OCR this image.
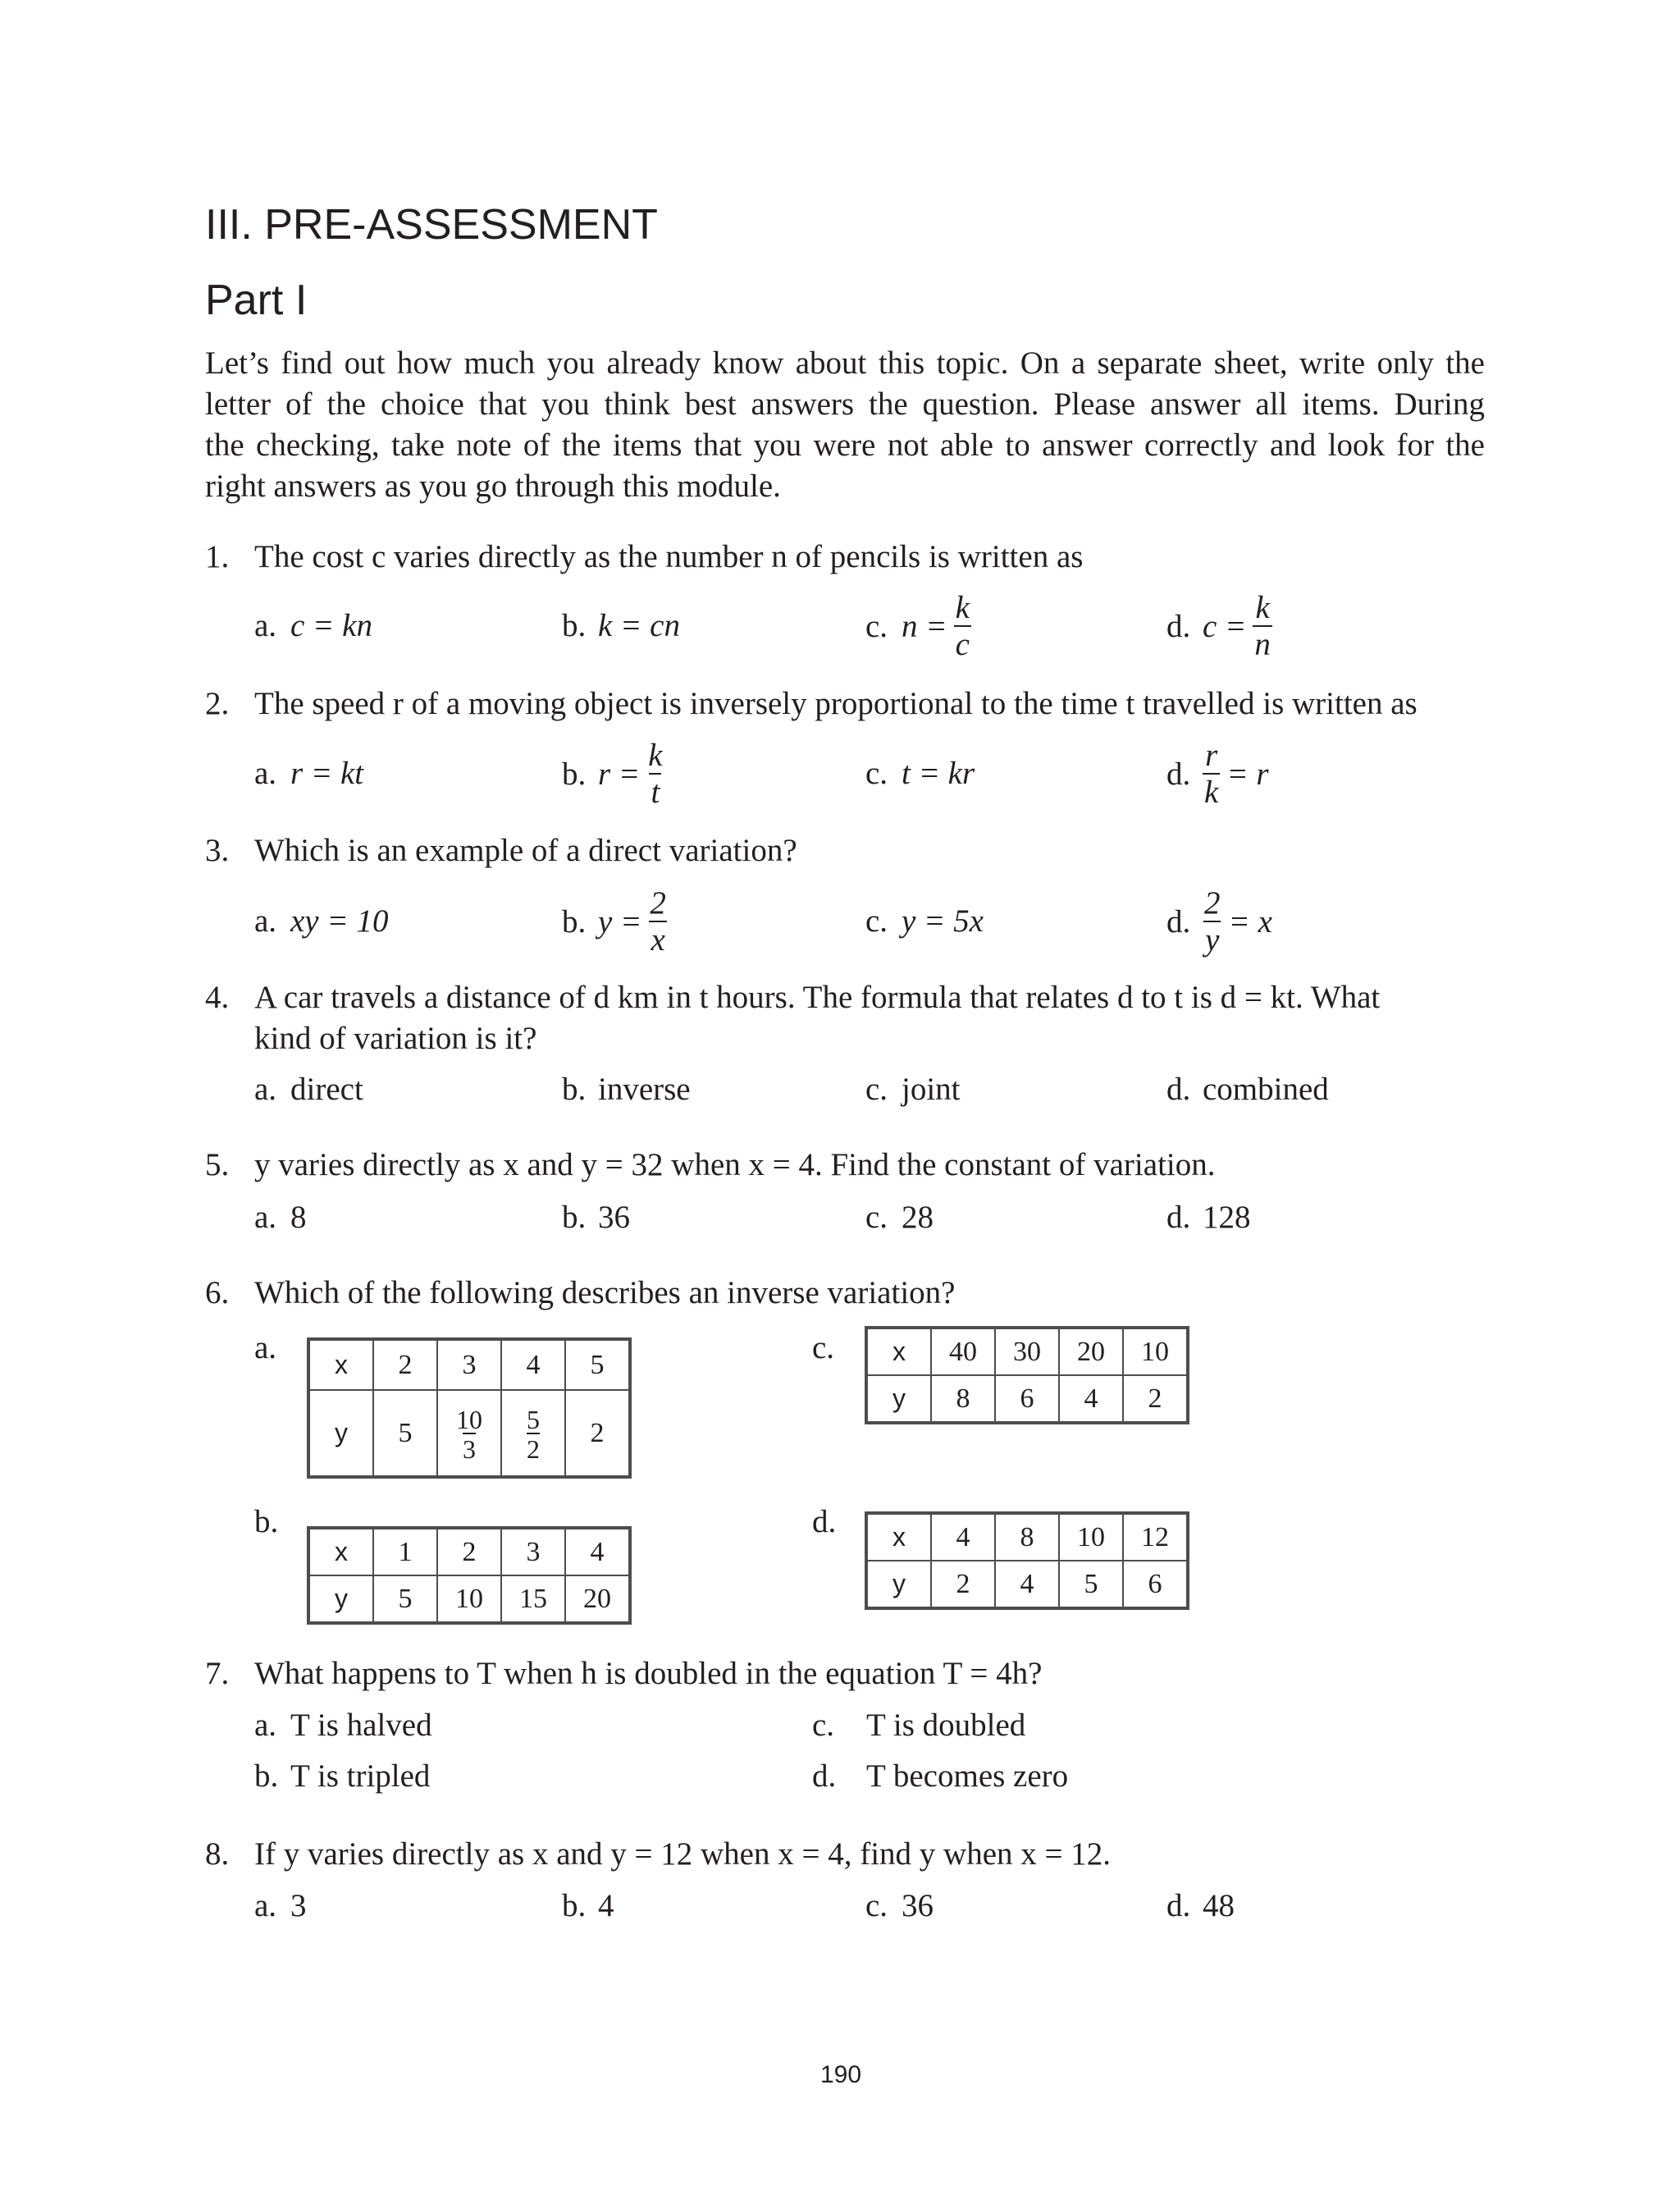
III. PRE-ASSESSMENT
Part I
Let’s find out how much you already know about this topic. On a separate sheet, write only the
letter of the choice that you think best answers the question. Please answer all items. During
the checking, take note of the items that you were not able to answer correctly and look for the
right answers as you go through this module.
1. The cost c varies directly as the number n of pencils is written as
a. c = kn	b. k = cn	c. $n = \frac{k}{c}$	d. $c = \frac{k}{n}$
2. The speed r of a moving object is inversely proportional to the time t travelled is written as
a. r = kt	b. $r = \frac{k}{t}$	c. t = kr	d. $\frac{r}{k} = r$
3. Which is an example of a direct variation?
a. xy = 10	b. $y = \frac{2}{x}$	c. y = 5x	d. $\frac{2}{y} = x$
4. A car travels a distance of d km in t hours. The formula that relates d to t is d = kt. What
kind of variation is it?
a. direct	b. inverse	c. joint	d. combined
5. y varies directly as x and y = 32 when x = 4. Find the constant of variation.
a. 8	b. 36	c. 28	d. 128
6. Which of the following describes an inverse variation?
a. x	2	3	4	5
y	5	$\frac{10}{3}$	$\frac{5}{2}$	2
c. x	40	30	20	10
y	8	6	4	2
b.
x	1	2	3	4
y	5	10	15	20
d. x	4	8	10	12
y	2	4	5	6
7. What happens to T when h is doubled in the equation T = 4h?
a. T is halved	c. T is doubled
b. T is tripled	d. T becomes zero
8. If y varies directly as x and y = 12 when x = 4, find y when x = 12.
a. 3	b. 4	c. 36	d. 48
190
